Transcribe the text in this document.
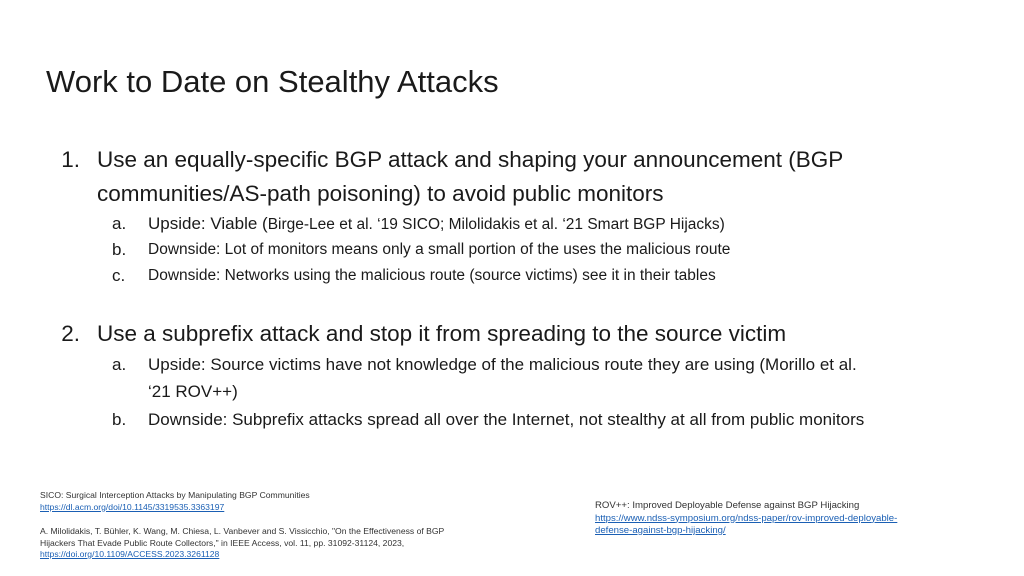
Work to Date on Stealthy Attacks
1. Use an equally-specific BGP attack and shaping your announcement (BGP
communities/AS-path poisoning) to avoid public monitors
a.	Upside: Viable (Birge-Lee et al. ‘19 SICO; Milolidakis et al. ‘21 Smart BGP Hijacks)
b.	Downside: Lot of monitors means only a small portion of the uses the malicious route
c.	Downside: Networks using the malicious route (source victims) see it in their tables
2. Use a subprefix attack and stop it from spreading to the source victim
a.	Upside: Source victims have not knowledge of the malicious route they are using (Morillo et al.
‘21 ROV++)
b.	Downside: Subprefix attacks spread all over the Internet, not stealthy at all from public monitors
SICO: Surgical Interception Attacks by Manipulating BGP Communities
https://dl.acm.org/doi/10.1145/3319535.3363197
A. Milolidakis, T. Bühler, K. Wang, M. Chiesa, L. Vanbever and S. Vissicchio, "On the Effectiveness of BGP
Hijackers That Evade Public Route Collectors," in IEEE Access, vol. 11, pp. 31092-31124, 2023,
https://doi.org/10.1109/ACCESS.2023.3261128
ROV++: Improved Deployable Defense against BGP Hijacking
https://www.ndss-symposium.org/ndss-paper/rov-improved-deployable-
defense-against-bgp-hijacking/
